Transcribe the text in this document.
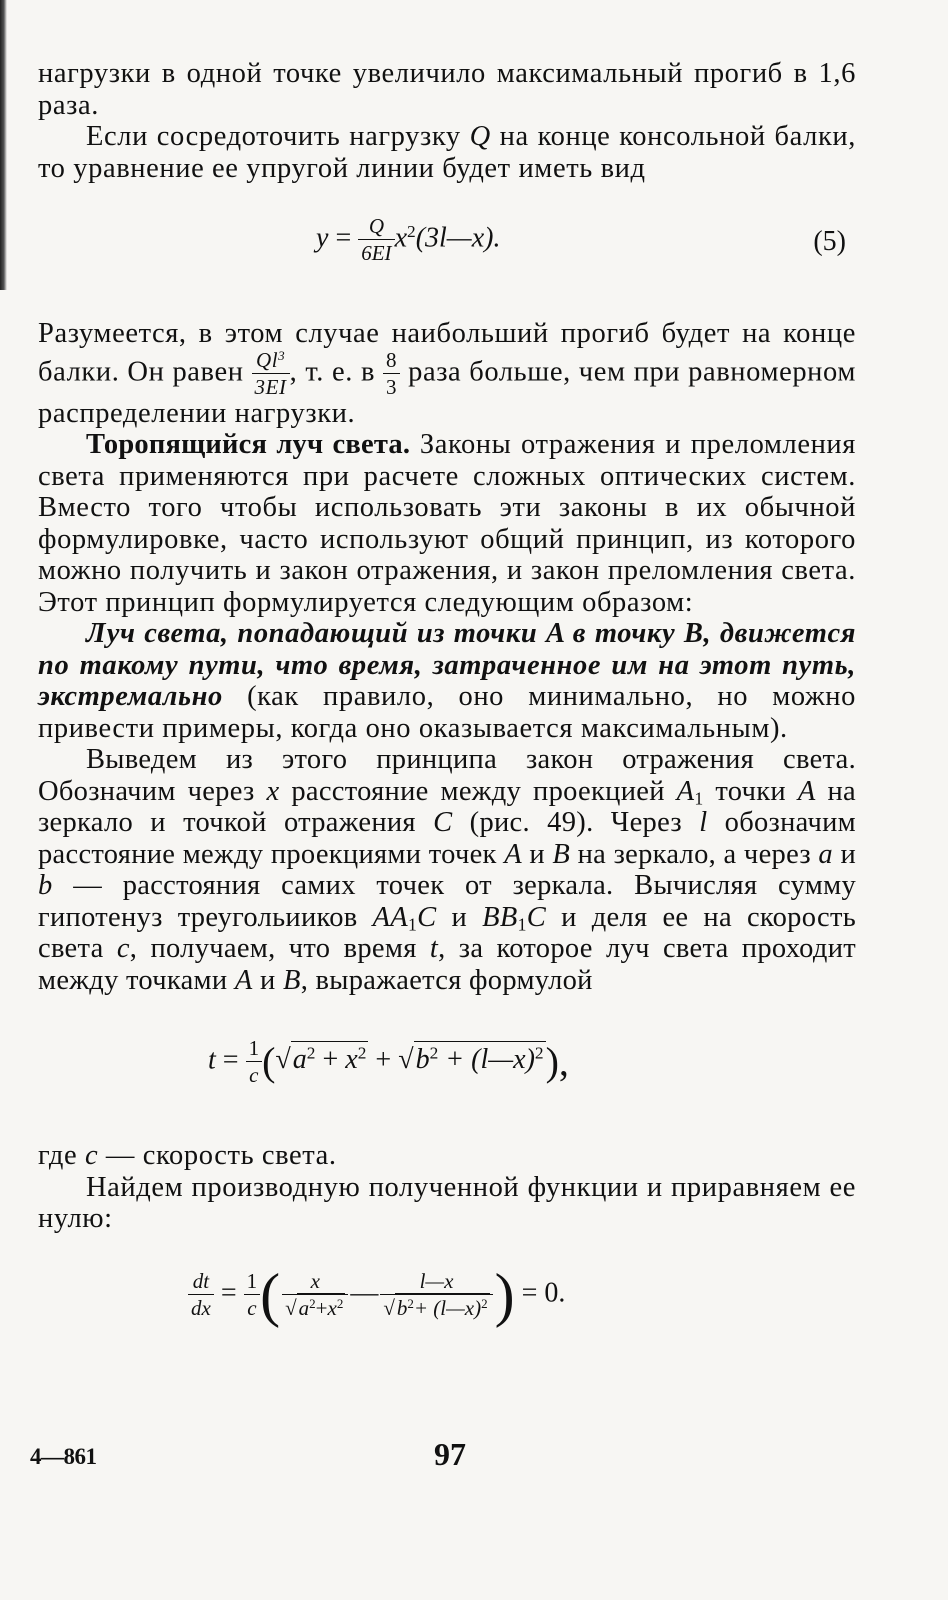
нагрузки в одной точке увеличило максимальный прогиб в 1,6 раза.

Если сосредоточить нагрузку Q на конце консольной балки, то уравнение ее упругой линии будет иметь вид

$y = \frac{Q}{6EI}$ $x^2(3l—x)$.	(5)

Разумеется, в этом случае наибольший прогиб будет на конце балки. Он равен $\frac{Ql^3}{3EI}$ , т. е. в $\frac{8}{3}$ раза больше, чем при равномерном распределении нагрузки.

Торопящийся луч света. Законы отражения и преломления света применяются при расчете сложных оптических систем. Вместо того чтобы использовать эти законы в их обычной формулировке, часто используют общий принцип, из которого можно получить и закон отражения, и закон преломления света. Этот принцип формулируется следующим образом:

Луч света, попадающий из точки A в точку B, движется по такому пути, что время, затраченное им на этот путь, экстремально (как правило, оно минимально, но можно привести примеры, когда оно оказывается максимальным).

Выведем из этого принципа закон отражения света. Обозначим через x расстояние между проекцией $A_1$ точки A на зеркало и точкой отражения C (рис. 49). Через l обозначим расстояние между проекциями точек A и B на зеркало, а через a и b — расстояния самих точек от зеркала. Вычисляя сумму гипотенуз треугольииков $AA_1C$ и $BB_1C$ и деля ее на скорость света c, получаем, что время t, за которое луч света проходит между точками A и B, выражается формулой

$t = \frac{1}{c} (√a^2 + x^2 + √b^2$ + (l—x)$^2$),

где c — скорость света.

Найдем производную полученной функции и приравняем ее нулю:

$\frac{dt}{dx} = \frac{1}{c}$ ( $\frac{x}{√a^2+x^2}$ — $\frac{l—x}{√b^2+ (l—x)^2}$ ) = 0.
4—861	97
